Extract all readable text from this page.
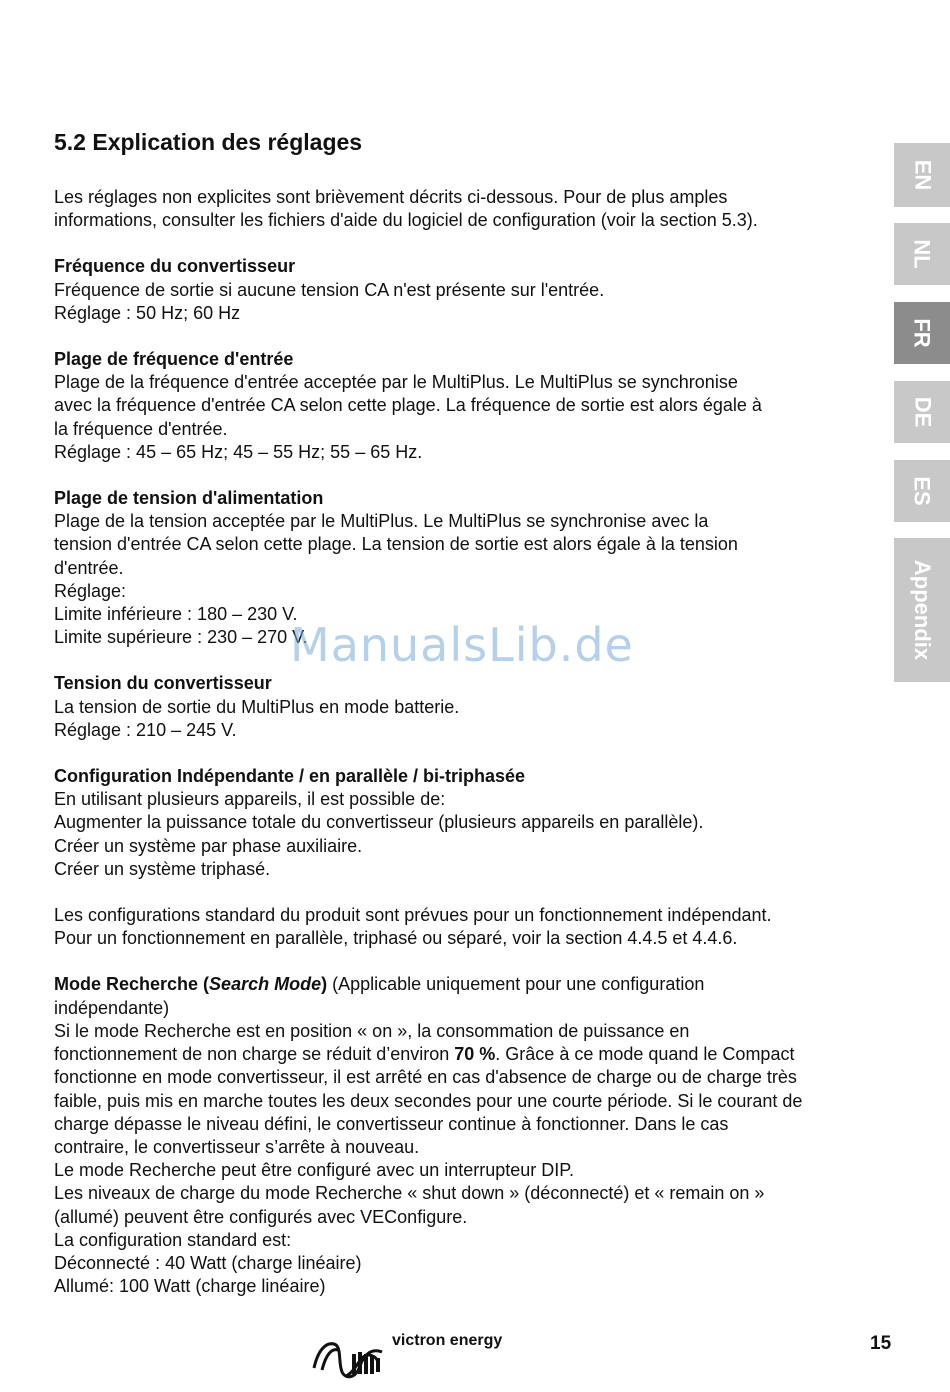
EN
NL
FR
DE
ES
Appendix
5.2 Explication des réglages

Les réglages non explicites sont brièvement décrits ci-dessous. Pour de plus amples
informations, consulter les fichiers d'aide du logiciel de configuration (voir la section 5.3).

Fréquence du convertisseur
Fréquence de sortie si aucune tension CA n'est présente sur l'entrée.
Réglage : 50 Hz; 60 Hz
Plage de fréquence d'entrée
Plage de la fréquence d'entrée acceptée par le MultiPlus. Le MultiPlus se synchronise
avec la fréquence d'entrée CA selon cette plage. La fréquence de sortie est alors égale à
la fréquence d'entrée.
Réglage : 45 – 65 Hz; 45 – 55 Hz; 55 – 65 Hz.
Plage de tension d'alimentation
Plage de la tension acceptée par le MultiPlus. Le MultiPlus se synchronise avec la
tension d'entrée CA selon cette plage. La tension de sortie est alors égale à la tension
d'entrée.
Réglage:
Limite inférieure : 180 – 230 V.
Limite supérieure : 230 – 270 V.
Tension du convertisseur
La tension de sortie du MultiPlus en mode batterie.
Réglage : 210 – 245 V.
Configuration Indépendante / en parallèle / bi-triphasée
En utilisant plusieurs appareils, il est possible de:
Augmenter la puissance totale du convertisseur (plusieurs appareils en parallèle).
Créer un système par phase auxiliaire.
Créer un système triphasé.
Les configurations standard du produit sont prévues pour un fonctionnement indépendant.
Pour un fonctionnement en parallèle, triphasé ou séparé, voir la section 4.4.5 et 4.4.6.
Mode Recherche (Search Mode) (Applicable uniquement pour une configuration
indépendante)
Si le mode Recherche est en position « on », la consommation de puissance en
fonctionnement de non charge se réduit d’environ 70 %. Grâce à ce mode quand le Compact
fonctionne en mode convertisseur, il est arrêté en cas d'absence de charge ou de charge très
faible, puis mis en marche toutes les deux secondes pour une courte période. Si le courant de
charge dépasse le niveau défini, le convertisseur continue à fonctionner. Dans le cas
contraire, le convertisseur s’arrête à nouveau.
Le mode Recherche peut être configuré avec un interrupteur DIP.
Les niveaux de charge du mode Recherche « shut down » (déconnecté) et « remain on »
(allumé) peuvent être configurés avec VEConfigure.
La configuration standard est:
Déconnecté : 40 Watt (charge linéaire)
Allumé: 100 Watt (charge linéaire)
ManualsLib.de
victron energy	15
